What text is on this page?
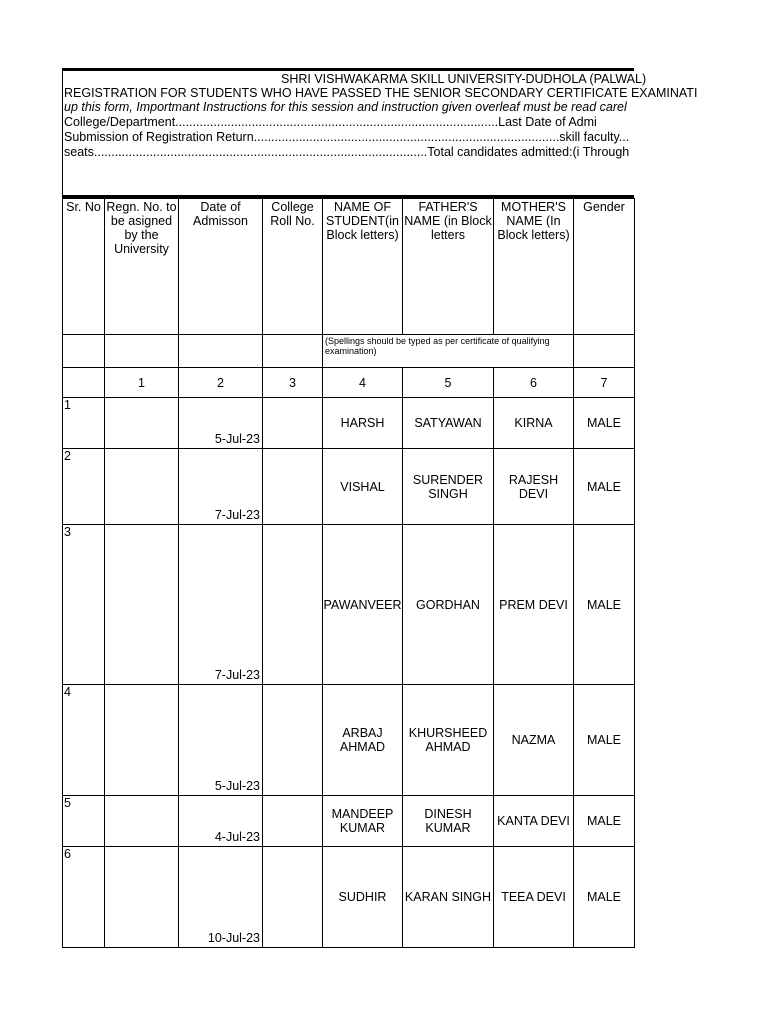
SHRI VISHWAKARMA SKILL UNIVERSITY-DUDHOLA (PALWAL)
REGISTRATION FOR STUDENTS WHO HAVE PASSED THE SENIOR SECONDARY CERTIFICATE EXAMINATI
up this form, Importmant Instructions for this session and instruction given overleaf must be read carel
College/Department.............................................................................................Last Date of Admi
Submission of Registration Return........................................................................................skill faculty...
seats................................................................................................Total candidates admitted:(i Through
Sr. No	Regn. No. to be asigned by the University	Date of Admisson	College Roll No.	NAME OF STUDENT(in Block letters)	FATHER'S NAME (in Block letters	MOTHER'S NAME (In Block letters)	Gender
				(Spellings should be typed as per certificate of qualifying examination)			
	1	2	3	4	5	6	7
1		5-Jul-23		HARSH	SATYAWAN	KIRNA	MALE
2		7-Jul-23		VISHAL	SURENDER SINGH	RAJESH DEVI	MALE
3		7-Jul-23		PAWANVEER	GORDHAN	PREM DEVI	MALE
4		5-Jul-23		ARBAJ AHMAD	KHURSHEED AHMAD	NAZMA	MALE
5		4-Jul-23		MANDEEP KUMAR	DINESH KUMAR	KANTA DEVI	MALE
6		10-Jul-23		SUDHIR	KARAN SINGH	TEEA DEVI	MALE
